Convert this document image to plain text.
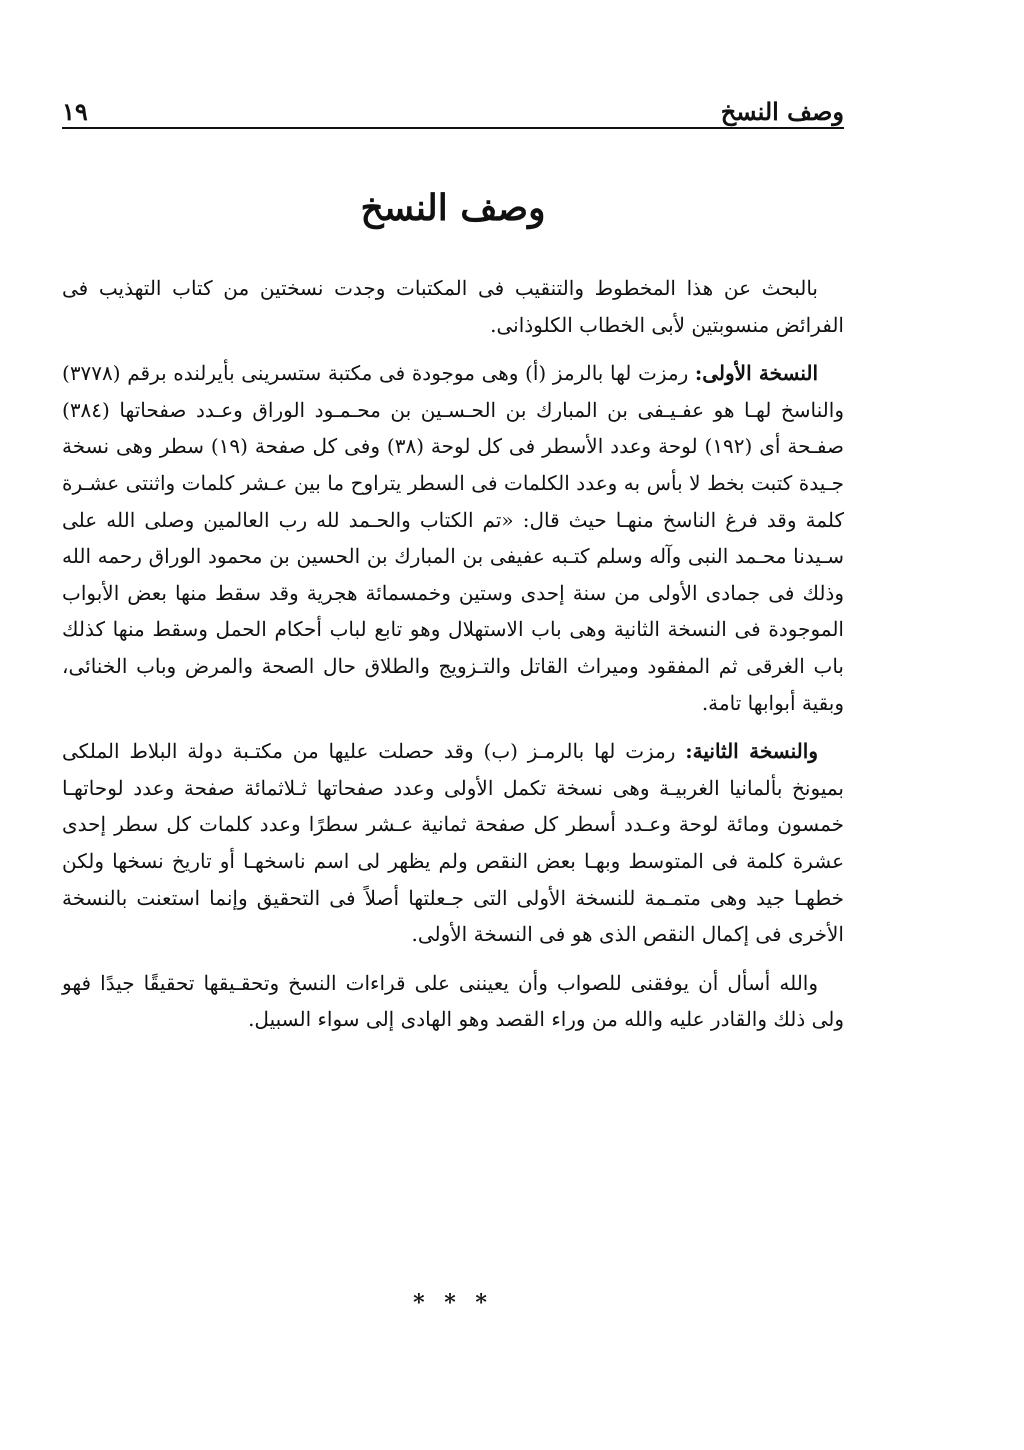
وصف النسخ
١٩
وصف النسخ

بالبحث عن هذا المخطوط والتنقيب فى المكتبات وجدت نسختين من كتاب التهذيب فى الفرائض منسوبتين لأبى الخطاب الكلوذانى.

النسخة الأولى: رمزت لها بالرمز (أ) وهى موجودة فى مكتبة ستسرينى بأيرلنده برقم (٣٧٧٨) والناسخ لهـا هو عفـيـفى بن المبارك بن الحـسـين بن محـمـود الوراق وعـدد صفحاتها (٣٨٤) صفـحة أى (١٩٢) لوحة وعدد الأسطر فى كل لوحة (٣٨) وفى كل صفحة (١٩) سطر وهى نسخة جـيدة كتبت بخط لا بأس به وعدد الكلمات فى السطر يتراوح ما بين عـشر كلمات واثنتى عشـرة كلمة وقد فرغ الناسخ منهـا حيث قال: «تم الكتاب والحـمد لله رب العالمين وصلى الله على سـيدنا محـمد النبى وآله وسلم كتـبه عفيفى بن المبارك بن الحسين بن محمود الوراق رحمه الله وذلك فى جمادى الأولى من سنة إحدى وستين وخمسمائة هجرية وقد سقط منها بعض الأبواب الموجودة فى النسخة الثانية وهى باب الاستهلال وهو تابع لباب أحكام الحمل وسقط منها كذلك باب الغرقى ثم المفقود وميراث القاتل والتـزويج والطلاق حال الصحة والمرض وباب الخنائى، وبقية أبوابها تامة.

والنسخة الثانية: رمزت لها بالرمـز (ب) وقد حصلت عليها من مكتـبة دولة البلاط الملكى بميونخ بألمانيا الغربيـة وهى نسخة تكمل الأولى وعدد صفحاتها ثـلاثمائة صفحة وعدد لوحاتهـا خمسون ومائة لوحة وعـدد أسطر كل صفحة ثمانية عـشر سطرًا وعدد كلمات كل سطر إحدى عشرة كلمة فى المتوسط وبهـا بعض النقص ولم يظهر لى اسم ناسخهـا أو تاريخ نسخها ولكن خطهـا جيد وهى متمـمة للنسخة الأولى التى جـعلتها أصلاً فى التحقيق وإنما استعنت بالنسخة الأخرى فى إكمال النقص الذى هو فى النسخة الأولى.

والله أسأل أن يوفقنى للصواب وأن يعيننى على قراءات النسخ وتحقـيقها تحقيقًا جيدًا فهو ولى ذلك والقادر عليه والله من وراء القصد وهو الهادى إلى سواء السبيل.

* * *
